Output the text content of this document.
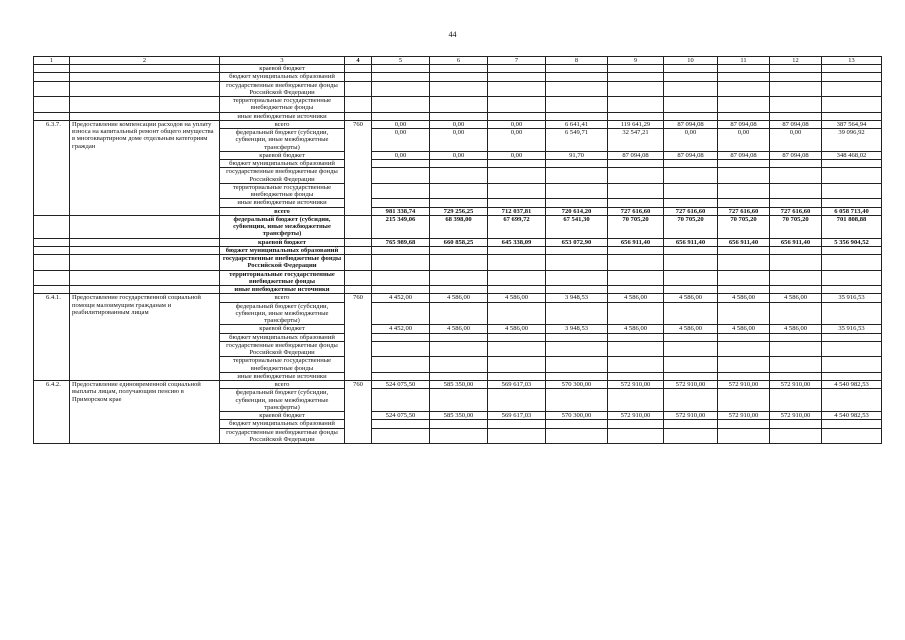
44
1	2	3	4	5	6	7	8	9	10	11	12	13
		краевой бюджет										
		бюджет муниципальных образований										
		государственные внебюджетные фонды Российской Федерации										
		территориальные государственные внебюджетные фонды										
		иные внебюджетные источники										
6.3.7.	Предоставление компенсации расходов на уплату взноса на капитальный ремонт общего имущества в многоквартирном доме отдельным категориям граждан	всего	760	0,00	0,00	0,00	6 641,41	119 641,29	87 094,08	87 094,08	87 094,08	387 564,94
		федеральный бюджет (субсидии, субвенции, иные межбюджетные трансферты)		0,00	0,00	0,00	6 549,71	32 547,21	0,00	0,00	0,00	39 096,92
		краевой бюджет		0,00	0,00	0,00	91,70	87 094,08	87 094,08	87 094,08	87 094,08	348 468,02
		бюджет муниципальных образований										
		государственные внебюджетные фонды Российской Федерации										
		территориальные государственные внебюджетные фонды										
		иные внебюджетные источники										
		всего		981 338,74	729 256,25	712 037,81	720 614,20	727 616,60	727 616,60	727 616,60	727 616,60	6 058 713,40
		федеральный бюджет (субсидии, субвенции, иные межбюджетные трансферты)		215 349,06	68 398,00	67 699,72	67 541,30	70 705,20	70 705,20	70 705,20	70 705,20	701 808,88
		краевой бюджет		765 989,68	660 858,25	645 338,09	653 072,90	656 911,40	656 911,40	656 911,40	656 911,40	5 356 904,52
		бюджет муниципальных образований										
		государственные внебюджетные фонды Российской Федерации										
		территориальные государственные внебюджетные фонды										
		иные внебюджетные источники										
6.4.1.	Предоставление государственной социальной помощи малоимущим гражданам и реабилитированным лицам	всего	760	4 452,00	4 586,00	4 586,00	3 948,53	4 586,00	4 586,00	4 586,00	4 586,00	35 916,53
		федеральный бюджет (субсидии, субвенции, иные межбюджетные трансферты)										
		краевой бюджет		4 452,00	4 586,00	4 586,00	3 948,53	4 586,00	4 586,00	4 586,00	4 586,00	35 916,53
		бюджет муниципальных образований										
		государственные внебюджетные фонды Российской Федерации										
		территориальные государственные внебюджетные фонды										
		иные внебюджетные источники										
6.4.2.	Предоставление единовременной социальной выплаты лицам, получающим пенсию в Приморском крае	всего	760	524 075,50	585 350,00	569 617,03	570 300,00	572 910,00	572 910,00	572 910,00	572 910,00	4 540 982,53
		федеральный бюджет (субсидии, субвенции, иные межбюджетные трансферты)										
		краевой бюджет		524 075,50	585 350,00	569 617,03	570 300,00	572 910,00	572 910,00	572 910,00	572 910,00	4 540 982,53
		бюджет муниципальных образований										
		государственные внебюджетные фонды Российской Федерации										
